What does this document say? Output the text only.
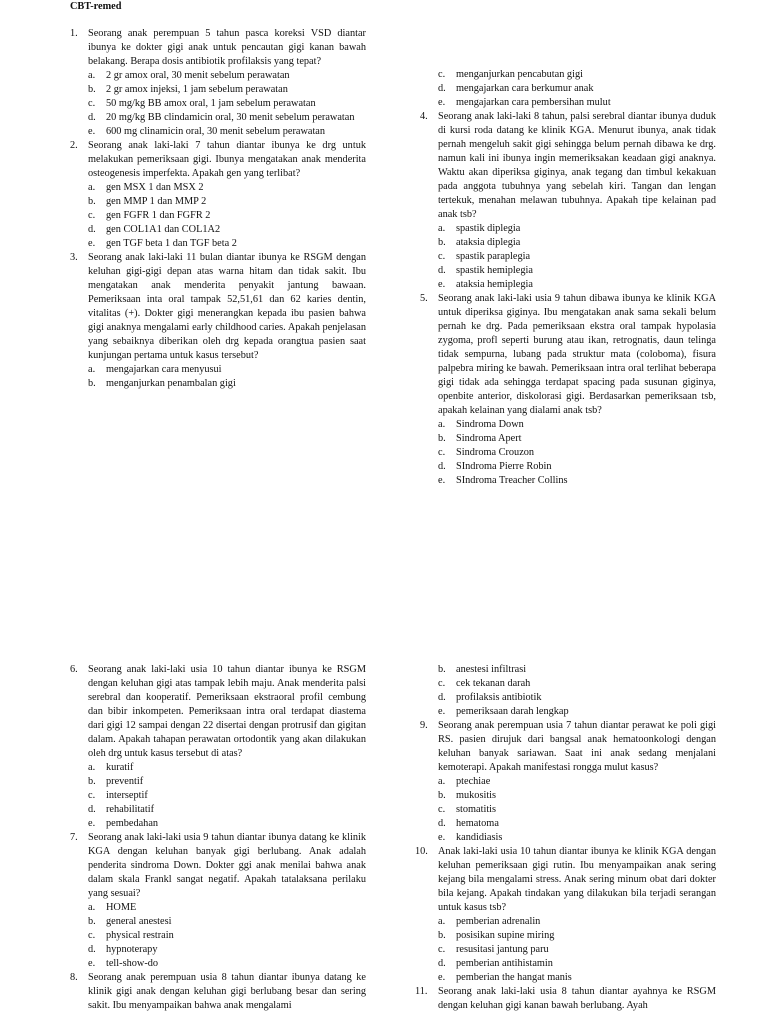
CBT-remed
1. Seorang anak perempuan 5 tahun pasca koreksi VSD diantar ibunya ke dokter gigi anak untuk pencautan gigi kanan bawah belakang. Berapa dosis antibiotik profilaksis yang tepat?
a. 2 gr amox oral, 30 menit sebelum perawatan
b. 2 gr amox injeksi, 1 jam sebelum perawatan
c. 50 mg/kg BB amox oral, 1 jam sebelum perawatan
d. 20 mg/kg BB clindamicin oral, 30 menit sebelum perawatan
e. 600 mg clinamicin oral, 30 menit sebelum perawatan
2. Seorang anak laki-laki 7 tahun diantar ibunya ke drg untuk melakukan pemeriksaan gigi. Ibunya mengatakan anak menderita osteogenesis imperfekta. Apakah gen yang terlibat?
a. gen MSX 1 dan MSX 2
b. gen MMP 1 dan MMP 2
c. gen FGFR 1 dan FGFR 2
d. gen COL1A1 dan COL1A2
e. gen TGF beta 1 dan TGF beta 2
3. Seorang anak laki-laki 11 bulan diantar ibunya ke RSGM dengan keluhan gigi-gigi depan atas warna hitam dan tidak sakit. Ibu mengatakan anak menderita penyakit jantung bawaan. Pemeriksaan inta oral tampak 52,51,61 dan 62 karies dentin, vitalitas (+). Dokter gigi menerangkan kepada ibu pasien bahwa gigi anaknya mengalami early childhood caries. Apakah penjelasan yang sebaiknya diberikan oleh drg kepada orangtua pasien saat kunjungan pertama untuk kasus tersebut?
a. mengajarkan cara menyusui
b. menganjurkan penambalan gigi
c. menganjurkan pencabutan gigi
d. mengajarkan cara berkumur anak
e. mengajarkan cara pembersihan mulut
4. Seorang anak laki-laki 8 tahun, palsi serebral diantar ibunya duduk di kursi roda datang ke klinik KGA. Menurut ibunya, anak tidak pernah mengeluh sakit gigi sehingga belum pernah dibawa ke drg. namun kali ini ibunya ingin memeriksakan keadaan gigi anaknya. Waktu akan diperiksa giginya, anak tegang dan timbul kekakuan pada anggota tubuhnya yang sebelah kiri. Tangan dan lengan tertekuk, menahan melawan tubuhnya. Apakah tipe kelainan pad anak tsb?
a. spastik diplegia
b. ataksia diplegia
c. spastik paraplegia
d. spastik hemiplegia
e. ataksia hemiplegia
5. Seorang anak laki-laki usia 9 tahun dibawa ibunya ke klinik KGA untuk diperiksa giginya. Ibu mengatakan anak sama sekali belum pernah ke drg. Pada pemeriksaan ekstra oral tampak hypolasia zygoma, profl seperti burung atau ikan, retrognatis, daun telinga tidak sempurna, lubang pada struktur mata (coloboma), fisura palpebra miring ke bawah. Pemeriksaan intra oral terlihat beberapa gigi tidak ada sehingga terdapat spacing pada susunan giginya, openbite anterior, diskolorasi gigi. Berdasarkan pemeriksaan tsb, apakah kelainan yang dialami anak tsb?
a. Sindroma Down
b. Sindroma Apert
c. Sindroma Crouzon
d. SIndroma Pierre Robin
e. SIndroma Treacher Collins
6. Seorang anak laki-laki usia 10 tahun diantar ibunya ke RSGM dengan keluhan gigi atas tampak lebih maju. Anak menderita palsi serebral dan kooperatif. Pemeriksaan ekstraoral profil cembung dan bibir inkompeten. Pemeriksaan intra oral terdapat diastema dari gigi 12 sampai dengan 22 disertai dengan protrusif dan gigitan dalam. Apakah tahapan perawatan ortodontik yang akan dilakukan oleh drg untuk kasus tersebut di atas?
a. kuratif
b. preventif
c. interseptif
d. rehabilitatif
e. pembedahan
7. Seorang anak laki-laki usia 9 tahun diantar ibunya datang ke klinik KGA dengan keluhan banyak gigi berlubang. Anak adalah penderita sindroma Down. Dokter ggi anak menilai bahwa anak dalam skala Frankl sangat negatif. Apakah tatalaksana perilaku yang sesuai?
a. HOME
b. general anestesi
c. physical restrain
d. hypnoterapy
e. tell-show-do
8. Seorang anak perempuan usia 8 tahun diantar ibunya datang ke klinik gigi anak dengan keluhan gigi berlubang besar dan sering sakit. Ibu menyampaikan bahwa anak mengalami
b. anestesi infiltrasi
c. cek tekanan darah
d. profilaksis antibiotik
e. pemeriksaan darah lengkap
9. Seorang anak perempuan usia 7 tahun diantar perawat ke poli gigi RS. pasien dirujuk dari bangsal anak hematoonkologi dengan keluhan banyak sariawan. Saat ini anak sedang menjalani kemoterapi. Apakah manifestasi rongga mulut kasus?
a. ptechiae
b. mukositis
c. stomatitis
d. hematoma
e. kandidiasis
10. Anak laki-laki usia 10 tahun diantar ibunya ke klinik KGA dengan keluhan pemeriksaan gigi rutin. Ibu menyampaikan anak sering kejang bila mengalami stress. Anak sering minum obat dari dokter bila kejang. Apakah tindakan yang dilakukan bila terjadi serangan untuk kasus tsb?
a. pemberian adrenalin
b. posisikan supine miring
c. resusitasi jantung paru
d. pemberian antihistamin
e. pemberian the hangat manis
11. Seorang anak laki-laki usia 8 tahun diantar ayahnya ke RSGM dengan keluhan gigi kanan bawah berlubang. Ayah
